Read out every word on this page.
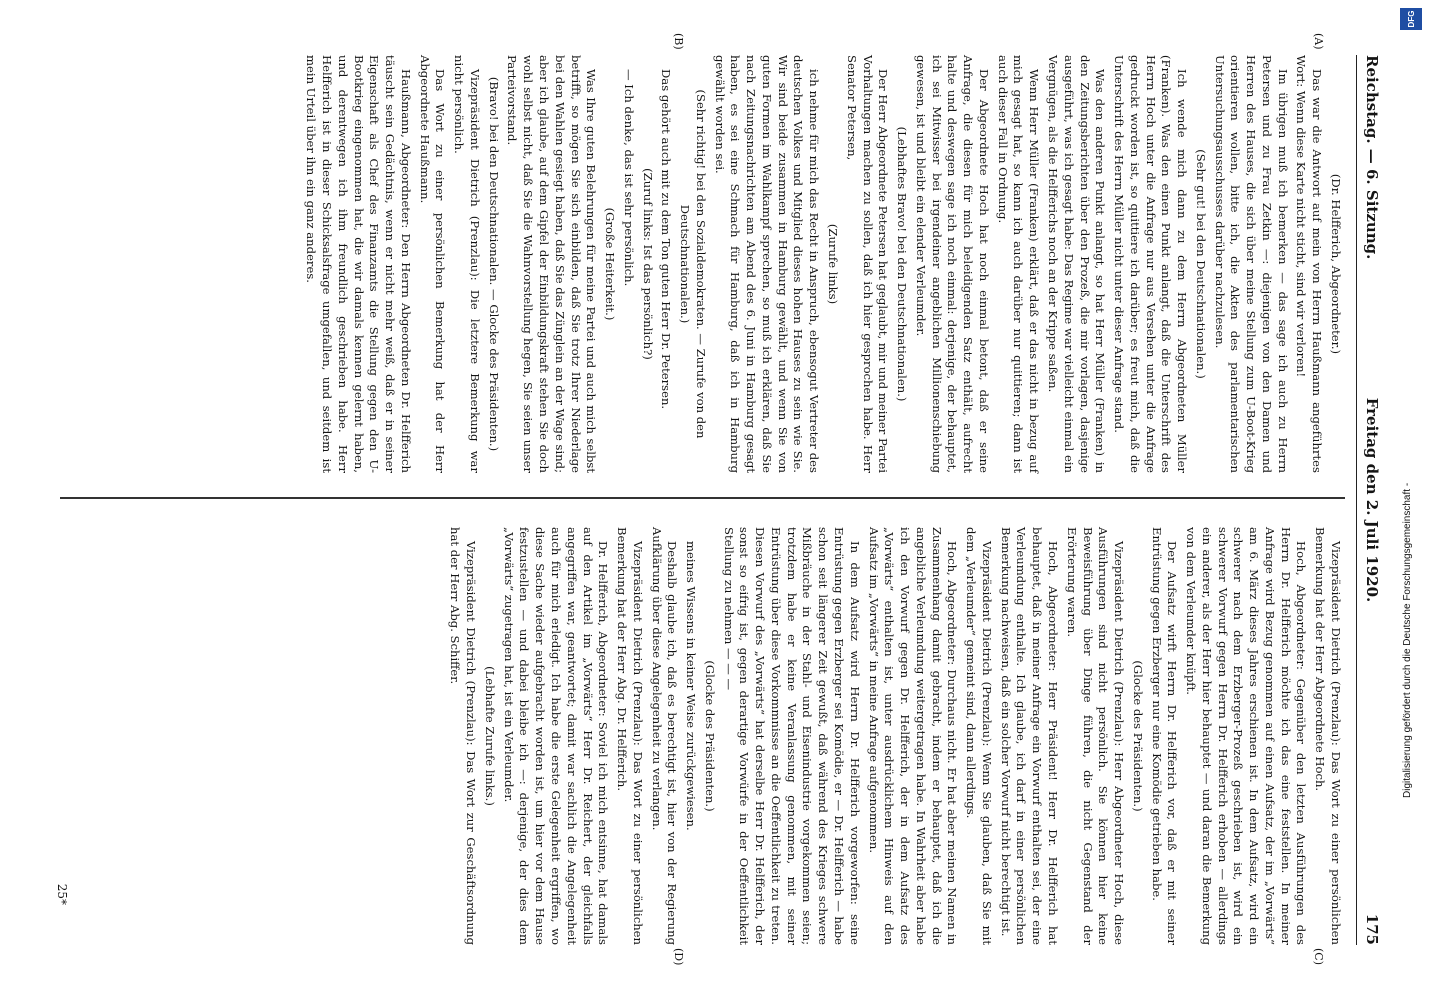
Reichstag. — 6. Sitzung.
Freitag den 2. Juli 1920.
175
(A)
(B)
(C)
(D)

(Dr. Helfferich, Abgeordneter.)

Das war die Antwort auf mein von Herrn Haußmann angeführtes Wort: Wenn diese Karte nicht sticht, sind wir verloren!

Im übrigen muß ich bemerken — das sage ich auch zu Herrn Petersen und zu Frau Zetkin —: diejenigen von den Damen und Herren des Hauses, die sich über meine Stellung zum U-Boot-Krieg orientieren wollen, bitte ich, die Akten des parlamentarischen Untersuchungsausschusses darüber nachzulesen.

(Sehr gut! bei den Deutschnationalen.)

Ich wende mich dann zu dem Herrn Abgeordneten Müller (Franken). Was den einen Punkt anlangt, daß die Unterschrift des Herrn Hoch unter die Anfrage nur aus Versehen unter die Anfrage gedruckt worden ist, so quittiere ich darüber; es freut mich, daß die Unterschrift des Herrn Müller nicht unter dieser Anfrage stand.

Was den anderen Punkt anlangt, so hat Herr Müller (Franken) in den Zeitungsberichten über den Prozeß, die mir vorlagen, dasjenige ausgeführt, was ich gesagt habe: Das Regime war vielleicht einmal ein Vergnügen, als die Helfferichs noch an der Krippe saßen.

Wenn Herr Müller (Franken) erklärt, daß er das nicht in bezug auf mich gesagt hat, so kann ich auch darüber nur quittieren; dann ist auch dieser Fall in Ordnung.

Der Abgeordnete Hoch hat noch einmal betont, daß er seine Anfrage, die diesen für mich beleidigenden Satz enthält, aufrecht halte und deswegen sage ich noch einmal: derjenige, der behauptet, ich sei Mitwisser bei irgendeiner angeblichen Millionenschiebung gewesen, ist und bleibt ein elender Verleumder.

(Lebhaftes Bravo! bei den Deutschnationalen.)

Der Herr Abgeordnete Petersen hat geglaubt, mir und meiner Partei Vorhaltungen machen zu sollen, daß ich hier gesprochen habe. Herr Senator Petersen,

(Zurufe links)

ich nehme für mich das Recht in Anspruch, ebensogut Vertreter des deutschen Volkes und Mitglied dieses hohen Hauses zu sein wie Sie. Wir sind beide zusammen in Hamburg gewählt, und wenn Sie von guten Formen im Wahlkampf sprechen, so muß ich erklären, daß Sie nach Zeitungsnachrichten am Abend des 6. Juni in Hamburg gesagt haben, es sei eine Schmach für Hamburg, daß ich in Hamburg gewählt worden sei.

(Sehr richtig! bei den Sozialdemokraten. — Zurufe von den Deutschnationalen.)

Das gehört auch mit zu dem Ton guten Herr Dr. Petersen.

(Zuruf links: Ist das persönlich?)

— Ich denke, das ist sehr persönlich.

(Große Heiterkeit.)

Was Ihre guten Belehrungen für meine Partei und auch mich selbst betrifft, so mögen Sie sich einbilden, daß Sie trotz Ihrer Niederlage bei den Wahlen gesiegt haben, daß Sie das Zünglein an der Wage sind; aber ich glaube, auf dem Gipfel der Einbildungskraft stehen Sie doch wohl selbst nicht, daß Sie die Wahnvorstellung hegen, Sie seien unser Parteivorstand.

(Bravo! bei den Deutschnationalen. — Glocke des Präsidenten.)

Vizepräsident Dietrich (Prenzlau): Die letztere Bemerkung war nicht persönlich.

Das Wort zu einer persönlichen Bemerkung hat der Herr Abgeordnete Haußmann.

Haußmann, Abgeordneter: Den Herrn Abgeordneten Dr. Helfferich täuscht sein Gedächtnis, wenn er nicht mehr weiß, daß er in seiner Eigenschaft als Chef des Finanzamts die Stellung gegen den U-Bootkrieg eingenommen hat, die wir damals kennen gelernt haben, und derentwegen ich ihm freundlich geschrieben habe. Herr Helfferich ist in dieser Schicksalsfrage umgefallen, und seitdem ist mein Urteil über ihn ein ganz anderes.

Vizepräsident Dietrich (Prenzlau): Das Wort zu einer persönlichen Bemerkung hat der Herr Abgeordnete Hoch.

Hoch, Abgeordneter: Gegenüber den letzten Ausführungen des Herrn Dr. Helfferich möchte ich das eine feststellen. In meiner Anfrage wird Bezug genommen auf einen Aufsatz, der im „Vorwärts“ am 6. März dieses Jahres erschienen ist. In dem Aufsatz, wird ein schwerer nach dem Erzberger-Prozeß geschrieben ist, wird ein schwerer Vorwurf gegen Herrn Dr. Helfferich erhoben — allerdings ein anderer, als der Herr hier behauptet — und daran die Bemerkung von dem Verleumder knüpft.

Der Aufsatz wirft Herrn Dr. Helfferich vor, daß er mit seiner Entrüstung gegen Erzberger nur eine Komödie getrieben habe.

(Glocke des Präsidenten.)

Vizepräsident Dietrich (Prenzlau): Herr Abgeordneter Hoch, diese Ausführungen sind nicht persönlich. Sie können hier keine Beweisführung über Dinge führen, die nicht Gegenstand der Erörterung waren.

Hoch, Abgeordneter: Herr Präsident! Herr Dr. Helfferich hat behauptet, daß in meiner Anfrage ein Vorwurf enthalten sei, der eine Verleumdung enthalte. Ich glaube, ich darf in einer persönlichen Bemerkung nachweisen, daß ein solcher Vorwurf nicht berechtigt ist.

Vizepräsident Dietrich (Prenzlau): Wenn Sie glauben, daß Sie mit dem „Verleumder“ gemeint sind, dann allerdings.

Hoch, Abgeordneter: Durchaus nicht. Er hat aber meinen Namen in Zusammenhang damit gebracht, indem er behauptet, daß ich die angebliche Verleumdung weitergetragen habe. In Wahrheit aber habe ich den Vorwurf gegen Dr. Helfferich, der in dem Aufsatz des „Vorwärts“ enthalten ist, unter ausdrücklichem Hinweis auf den Aufsatz im „Vorwärts“ in meine Anfrage aufgenommen.

In dem Aufsatz wird Herrn Dr. Helfferich vorgeworfen: seine Entrüstung gegen Erzberger sei Komödie, er — Dr. Helfferich — habe schon seit längerer Zeit gewußt, daß während des Krieges schwere Mißbräuche in der Stahl- und Eisenindustrie vorgekommen seien; trotzdem habe er keine Veranlassung genommen, mit seiner Entrüstung über diese Vorkommnisse an die Oeffentlichkeit zu treten. Diesen Vorwurf des „Vorwärts“ hat derselbe Herr Dr. Helfferich, der sonst so eifrig ist, gegen derartige Vorwürfe in der Oeffentlichkeit Stellung zu nehmen — — —

(Glocke des Präsidenten.)

meines Wissens in keiner Weise zurückgewiesen.

Deshalb glaube ich, daß es berechtigt ist, hier von der Regierung Aufklärung über diese Angelegenheit zu verlangen.

Vizepräsident Dietrich (Prenzlau): Das Wort zu einer persönlichen Bemerkung hat der Herr Abg. Dr. Helfferich.

Dr. Helfferich, Abgeordneter: Soviel ich mich entsinne, hat damals auf den Artikel im „Vorwärts“ Herr Dr. Reichert, der gleichfalls angegriffen war, geantwortet; damit war sachlich die Angelegenheit auch für mich erledigt. Ich habe die erste Gelegenheit ergriffen, wo diese Sache wieder aufgebracht worden ist, um hier vor dem Hause festzustellen — und dabei bleibe ich —: derjenige, der dies dem „Vorwärts“ zugetragen hat, ist ein Verleumder.

(Lebhafte Zurufe links.)

Vizepräsident Dietrich (Prenzlau): Das Wort zur Geschäftsordnung hat der Herr Abg. Schiffer.

25*
DFG
Digitalisierung gefördert durch die Deutsche Forschungsgemeinschaft -
